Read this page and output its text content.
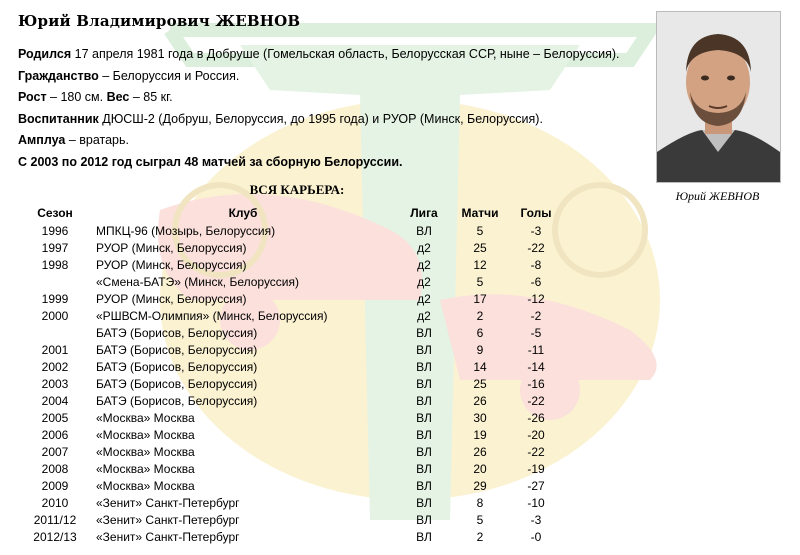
Юрий Владимирович ЖЕВНОВ
Родился 17 апреля 1981 года в Добруше (Гомельская область, Белорусская ССР, ныне – Белоруссия).
Гражданство – Белоруссия и Россия.
Рост – 180 см. Вес – 85 кг.
Воспитанник ДЮСШ-2 (Добруш, Белоруссия, до 1995 года) и РУОР (Минск, Белоруссия).
Амплуа – вратарь.
С 2003 по 2012 год сыграл 48 матчей за сборную Белоруссии.
Юрий ЖЕВНОВ
ВСЯ КАРЬЕРА:
Сезон	Клуб	Лига	Матчи	Голы
1996	МПКЦ-96 (Мозырь, Белоруссия)	ВЛ	5	-3
1997	РУОР (Минск, Белоруссия)	д2	25	-22
1998	РУОР (Минск, Белоруссия)	д2	12	-8
	«Смена-БАТЭ» (Минск, Белоруссия)	д2	5	-6
1999	РУОР (Минск, Белоруссия)	д2	17	-12
2000	«РШВСМ-Олимпия» (Минск, Белоруссия)	д2	2	-2
	БАТЭ (Борисов, Белоруссия)	ВЛ	6	-5
2001	БАТЭ (Борисов, Белоруссия)	ВЛ	9	-11
2002	БАТЭ (Борисов, Белоруссия)	ВЛ	14	-14
2003	БАТЭ (Борисов, Белоруссия)	ВЛ	25	-16
2004	БАТЭ (Борисов, Белоруссия)	ВЛ	26	-22
2005	«Москва» Москва	ВЛ	30	-26
2006	«Москва» Москва	ВЛ	19	-20
2007	«Москва» Москва	ВЛ	26	-22
2008	«Москва» Москва	ВЛ	20	-19
2009	«Москва» Москва	ВЛ	29	-27
2010	«Зенит» Санкт-Петербург	ВЛ	8	-10
2011/12	«Зенит» Санкт-Петербург	ВЛ	5	-3
2012/13	«Зенит» Санкт-Петербург	ВЛ	2	-0
